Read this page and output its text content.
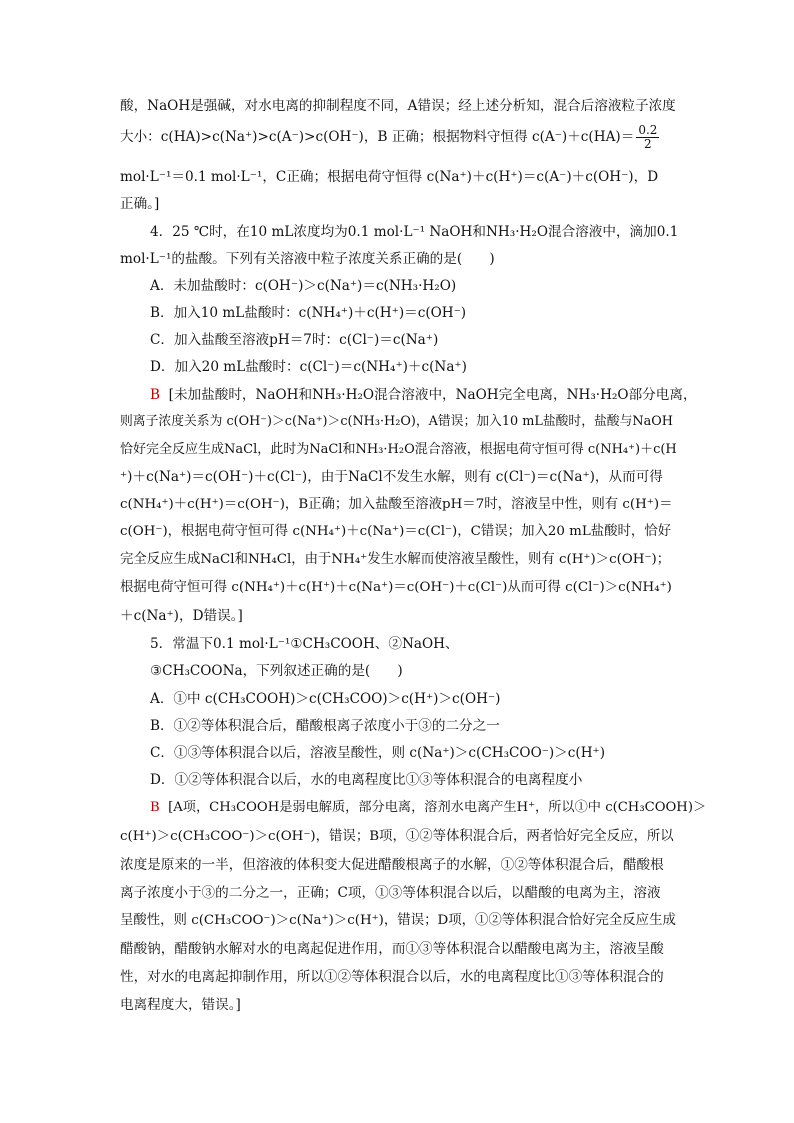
酸，NaOH是强碱，对水电离的抑制程度不同，A错误；经上述分析知，混合后溶液粒子浓度
大小：c(HA)>c(Na⁺)>c(A⁻)>c(OH⁻)，B 正确；根据物料守恒得 $c(A^-)+c(HA)= \frac{0.2}{2}$
mol·L⁻¹＝0.1 mol·L⁻¹，C正确；根据电荷守恒得 c(Na⁺)＋c(H⁺)＝c(A⁻)＋c(OH⁻)，D
正确。]
4．25 ℃时，在10 mL浓度均为0.1 mol·L⁻¹ NaOH和NH₃·H₂O混合溶液中，滴加0.1
mol·L⁻¹的盐酸。下列有关溶液中粒子浓度关系正确的是(　　)
A．未加盐酸时：c(OH⁻)＞c(Na⁺)＝c(NH₃·H₂O)
B．加入10 mL盐酸时：c(NH₄⁺)＋c(H⁺)＝c(OH⁻)
C．加入盐酸至溶液pH＝7时：c(Cl⁻)＝c(Na⁺)
D．加入20 mL盐酸时：c(Cl⁻)＝c(NH₄⁺)＋c(Na⁺)
B [未加盐酸时，NaOH和NH₃·H₂O混合溶液中，NaOH完全电离，NH₃·H₂O部分电离，
则离子浓度关系为 c(OH⁻)＞c(Na⁺)＞c(NH₃·H₂O)，A错误；加入10 mL盐酸时，盐酸与NaOH
恰好完全反应生成NaCl，此时为NaCl和NH₃·H₂O混合溶液，根据电荷守恒可得 c(NH₄⁺)＋c(H
⁺)＋c(Na⁺)＝c(OH⁻)＋c(Cl⁻)，由于NaCl不发生水解，则有 c(Cl⁻)＝c(Na⁺)，从而可得
c(NH₄⁺)＋c(H⁺)＝c(OH⁻)，B正确；加入盐酸至溶液pH＝7时，溶液呈中性，则有 c(H⁺)＝
c(OH⁻)，根据电荷守恒可得 c(NH₄⁺)＋c(Na⁺)＝c(Cl⁻)，C错误；加入20 mL盐酸时，恰好
完全反应生成NaCl和NH₄Cl，由于NH₄⁺发生水解而使溶液呈酸性，则有 c(H⁺)＞c(OH⁻)；
根据电荷守恒可得 c(NH₄⁺)＋c(H⁺)＋c(Na⁺)＝c(OH⁻)＋c(Cl⁻)从而可得 c(Cl⁻)＞c(NH₄⁺)
＋c(Na⁺)，D错误。]
5．常温下0.1 mol·L⁻¹①CH₃COOH、②NaOH、
③CH₃COONa，下列叙述正确的是(　　)
A．①中 c(CH₃COOH)＞c(CH₃COO)＞c(H⁺)＞c(OH⁻)
B．①②等体积混合后，醋酸根离子浓度小于③的二分之一
C．①③等体积混合以后，溶液呈酸性，则 c(Na⁺)＞c(CH₃COO⁻)＞c(H⁺)
D．①②等体积混合以后，水的电离程度比①③等体积混合的电离程度小
B [A项，CH₃COOH是弱电解质，部分电离，溶剂水电离产生H⁺，所以①中 c(CH₃COOH)＞
c(H⁺)＞c(CH₃COO⁻)＞c(OH⁻)，错误；B项，①②等体积混合后，两者恰好完全反应，所以
浓度是原来的一半，但溶液的体积变大促进醋酸根离子的水解，①②等体积混合后，醋酸根
离子浓度小于③的二分之一，正确；C项，①③等体积混合以后，以醋酸的电离为主，溶液
呈酸性，则 c(CH₃COO⁻)＞c(Na⁺)＞c(H⁺)，错误；D项，①②等体积混合恰好完全反应生成
醋酸钠，醋酸钠水解对水的电离起促进作用，而①③等体积混合以醋酸电离为主，溶液呈酸
性，对水的电离起抑制作用，所以①②等体积混合以后，水的电离程度比①③等体积混合的
电离程度大，错误。]
